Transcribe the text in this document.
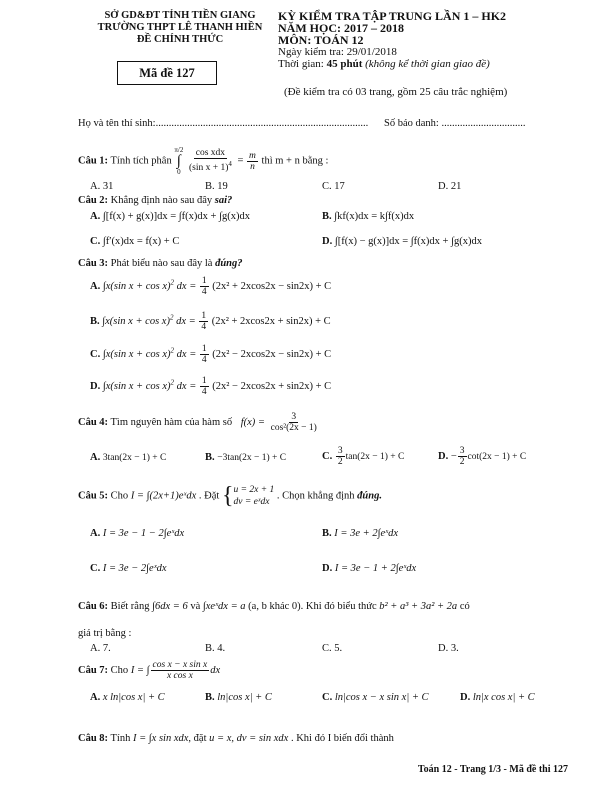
SỞ GD&ĐT TỈNH TIỀN GIANG
TRƯỜNG THPT LÊ THANH HIỀN
ĐỀ CHÍNH THỨC
Mã đề 127
KỲ KIỂM TRA TẬP TRUNG LẦN 1 – HK2
NĂM HỌC: 2017 – 2018
MÔN: TOÁN 12
Ngày kiểm tra: 29/01/2018
Thời gian: 45 phút (không kể thời gian giao đề)
(Đề kiểm tra có 03 trang, gồm 25 câu trắc nghiệm)
Họ và tên thí sinh:................................................................................. Số báo danh: ................................
Câu 1: Tính tích phân
π/2
∫
0
$\frac{\text{cos xdx}}{(\sin x + 1)^4} = \frac{m}{n}$ thì m + n bằng :
A. 31	B. 19	C. 17	D. 21
Câu 2: Khẳng định nào sau đây sai?
A. ∫[f(x) + g(x)]dx = ∫f(x)dx + ∫g(x)dx	B. ∫kf(x)dx = k∫f(x)dx
C. ∫f′(x)dx = f(x) + C	D. ∫[f(x) − g(x)]dx = ∫f(x)dx + ∫g(x)dx
Câu 3: Phát biểu nào sau đây là đúng?
A. ∫x(sin x + cos x)$^2$ dx = $\frac{1}{4} (2x^2 + 2xcos2x - \sin 2x) + C$
B. ∫x(sin x + cos x)$^2$ dx = $\frac{1}{4} (2x^2 + 2xcos2x + \sin 2x) + C$
C. ∫x(sin x + cos x)$^2$ dx = $\frac{1}{4} (2x^2 - 2xcos2x - \sin 2x) + C$
D. ∫x(sin x + cos x)$^2$ dx = $\frac{1}{4} (2x^2 - 2xcos2x + \sin 2x) + C$
Câu 4: Tìm nguyên hàm của hàm số $f(x) = \frac{3}{\text{cos²(2x − 1)}}$
A. 3tan(2x − 1) + C	B. −3tan(2x − 1) + C	C. $\frac{3}{2} \tan(2x - 1) + C$	D. − $\frac{3}{2} \cot(2x - 1) + C$
Câu 5: Cho I = ∫(2x+1)eˣdx . Đặt {u = 2x + 1
dv = eˣdx . Chọn khẳng định đúng.
A. I = 3e − 1 − 2∫eˣdx	B. I = 3e + 2∫eˣdx
C. I = 3e − 2∫eˣdx	D. I = 3e − 1 + 2∫eˣdx
Câu 6: Biết rằng ∫6dx = 6 và ∫xeˣdx = a (a, b khác 0). Khi đó biểu thức b² + a³ + 3a² + 2a có
giá trị bằng :
A. 7.	B. 4.	C. 5.	D. 3.
Câu 7: Cho I = ∫ $\frac{\text{cos x − x sin x}}{\text{x cos x}}$ dx
A. x ln|cos x| + C	B. ln|cos x| + C	C. ln|cos x − x sin x| + C	D. ln|x cos x| + C
Câu 8: Tính I = ∫x sin xdx, đặt u = x, dv = sin xdx . Khi đó I biến đổi thành
Toán 12 - Trang 1/3 - Mã đề thi 127
